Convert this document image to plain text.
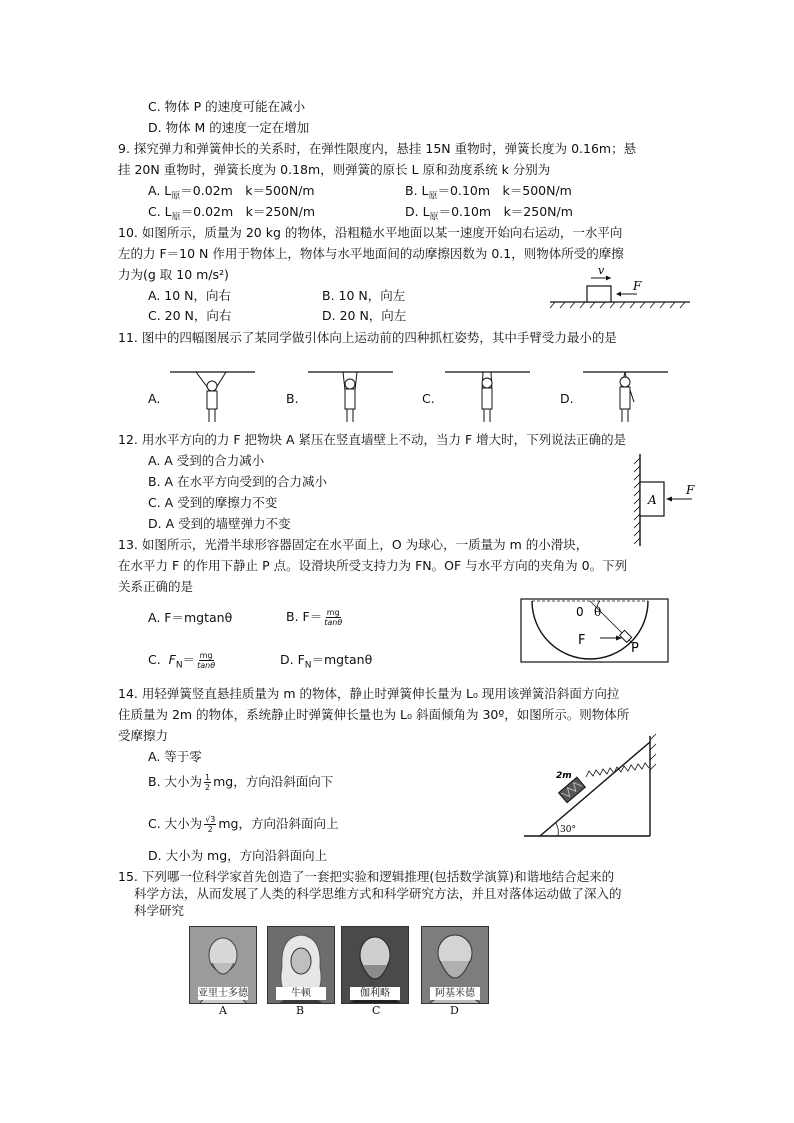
C. 物体 P 的速度可能在减小
D. 物体 M 的速度一定在增加
9. 探究弹力和弹簧伸长的关系时，在弹性限度内，悬挂 15N 重物时，弹簧长度为 0.16m；悬
挂 20N 重物时，弹簧长度为 0.18m，则弹簧的原长 L 原和劲度系统 k 分别为
A. $L_原=0.02m$　k＝500N/m	B. $L_原=0.10m$　k＝500N/m
C. $L_原=0.02m$　k＝250N/m	D. $L_原=0.10m$　k＝250N/m
10. 如图所示，质量为 20 kg 的物体，沿粗糙水平地面以某一速度开始向右运动，一水平向
左的力 F＝10 N 作用于物体上，物体与水平地面间的动摩擦因数为 0.1，则物体所受的摩擦
力为(g 取 10 m/s²)
A. 10 N，向右	B. 10 N，向左
C. 20 N，向右	D. 20 N，向左
v
F
11. 图中的四幅图展示了某同学做引体向上运动前的四种抓杠姿势，其中手臂受力最小的是
A.	B.	C.	D.
12. 用水平方向的力 F 把物块 A 紧压在竖直墙壁上不动，当力 F 增大时，下列说法正确的是
A. A 受到的合力减小
B. A 在水平方向受到的合力减小
C. A 受到的摩擦力不变
D. A 受到的墙壁弹力不变
A
F
13. 如图所示，光滑半球形容器固定在水平面上，O 为球心，一质量为 m 的小滑块，
在水平力 F 的作用下静止 P 点。设滑块所受支持力为 FN。OF 与水平方向的夹角为 0。下列
关系正确的是
A. F＝mgtanθ	B. $F= \frac{mg}{\tan\theta}$
C. $F_N= \frac{mg}{\tan\theta}$	D. $F_N=mgtan\theta$
0 θ
F
P
14. 用轻弹簧竖直悬挂质量为 m 的物体，静止时弹簧伸长量为 L₀ 现用该弹簧沿斜面方向拉
住质量为 2m 的物体，系统静止时弹簧伸长量也为 L₀ 斜面倾角为 30º，如图所示。则物体所
受摩擦力
A. 等于零
B. 大小为 $\frac{1}{2}$ mg，方向沿斜面向下
C. 大小为 $\frac{√3}{2}$ mg，方向沿斜面向上
D. 大小为 mg，方向沿斜面向上
30°
2m
15. 下列哪一位科学家首先创造了一套把实验和逻辑推理(包括数学演算)和谐地结合起来的
科学方法，从而发展了人类的科学思维方式和科学研究方法，并且对落体运动做了深入的
科学研究
亚里士多德	牛顿	伽利略	阿基米德
A	B	C	D
